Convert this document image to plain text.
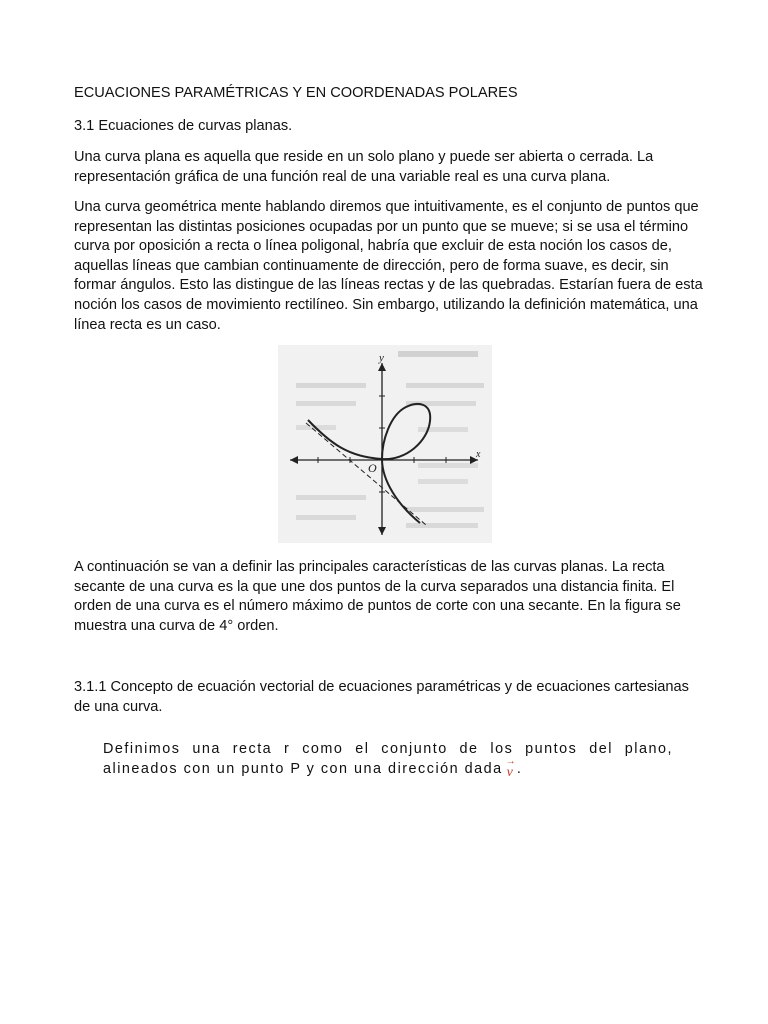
ECUACIONES PARAMÉTRICAS Y EN COORDENADAS POLARES

3.1 Ecuaciones de curvas planas.

Una curva plana es aquella que reside en un solo plano y puede ser abierta o cerrada. La representación gráfica de una función real de una variable real es una curva plana.

Una curva geométrica mente hablando diremos que intuitivamente, es el conjunto de puntos que representan las distintas posiciones ocupadas por un punto que se mueve; si se usa el término curva por oposición a recta o línea poligonal, habría que excluir de esta noción los casos de, aquellas líneas que cambian continuamente de dirección, pero de forma suave, es decir, sin formar ángulos. Esto las distingue de las líneas rectas y de las quebradas. Estarían fuera de esta noción los casos de movimiento rectilíneo. Sin embargo, utilizando la definición matemática, una línea recta es un caso.

y
x
O

A continuación se van a definir las principales características de las curvas planas. La recta secante de una curva es la que une dos puntos de la curva separados una distancia finita. El orden de una curva es el número máximo de puntos de corte con una secante. En la figura se muestra una curva de 4° orden.

3.1.1 Concepto de ecuación vectorial de ecuaciones paramétricas y de ecuaciones cartesianas de una curva.

Definimos una recta r como el conjunto de los puntos del plano, alineados con un punto P y con una dirección dada →
v .
